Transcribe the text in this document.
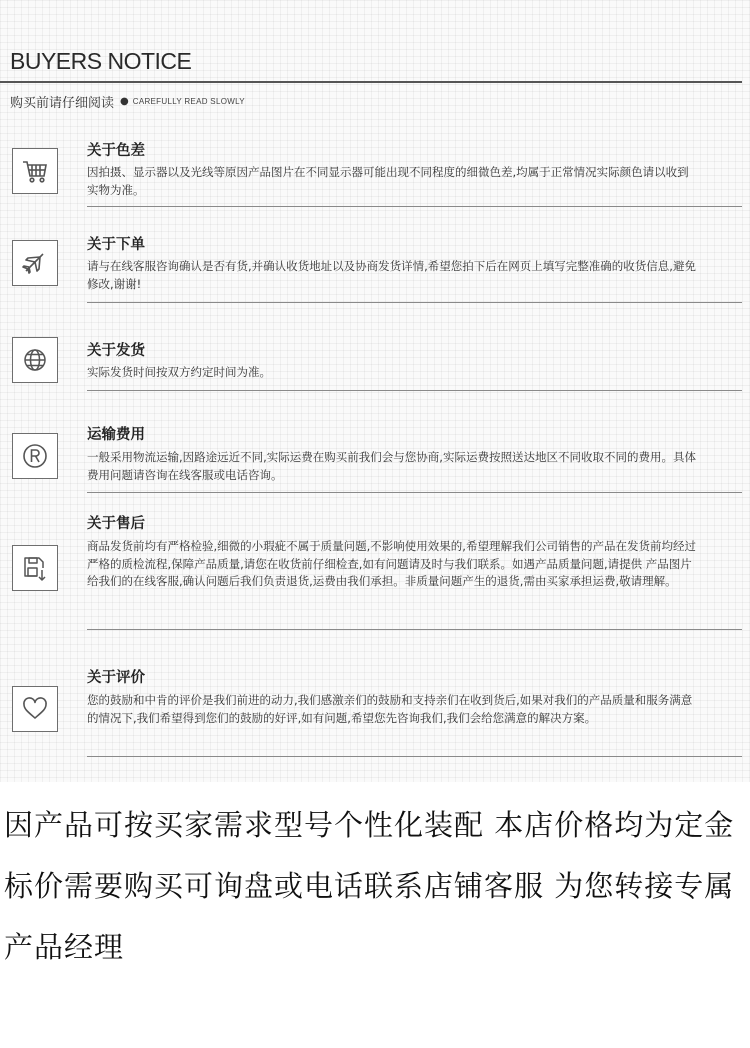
BUYERS NOTICE
购买前请仔细阅读 ● CAREFULLY READ SLOWLY
关于色差

因拍摄、显示器以及光线等原因产品图片在不同显示器可能出现不同程度的细微色差,均属于正常情况实际颜色请以收到实物为准。

关于下单

请与在线客服咨询确认是否有货,并确认收货地址以及协商发货详情,希望您拍下后在网页上填写完整准确的收货信息,避免修改,谢谢!

关于发货

实际发货时间按双方约定时间为准。

运输费用

一般采用物流运输,因路途远近不同,实际运费在购买前我们会与您协商,实际运费按照送达地区不同收取不同的费用。具体费用问题请咨询在线客服或电话咨询。

关于售后

商品发货前均有严格检验,细微的小瑕疵不属于质量问题,不影响使用效果的,希望理解我们公司销售的产品在发货前均经过严格的质检流程,保障产品质量,请您在收货前仔细检查,如有问题请及时与我们联系。如遇产品质量问题,请提供 产品图片给我们的在线客服,确认问题后我们负责退货,运费由我们承担。非质量问题产生的退货,需由买家承担运费,敬请理解。

关于评价

您的鼓励和中肯的评价是我们前进的动力,我们感激亲们的鼓励和支持亲们在收到货后,如果对我们的产品质量和服务满意的情况下,我们希望得到您们的鼓励的好评,如有问题,希望您先咨询我们,我们会给您满意的解决方案。

因产品可按买家需求型号个性化装配 本店价格均为定金标价需要购买可询盘或电话联系店铺客服 为您转接专属产品经理
